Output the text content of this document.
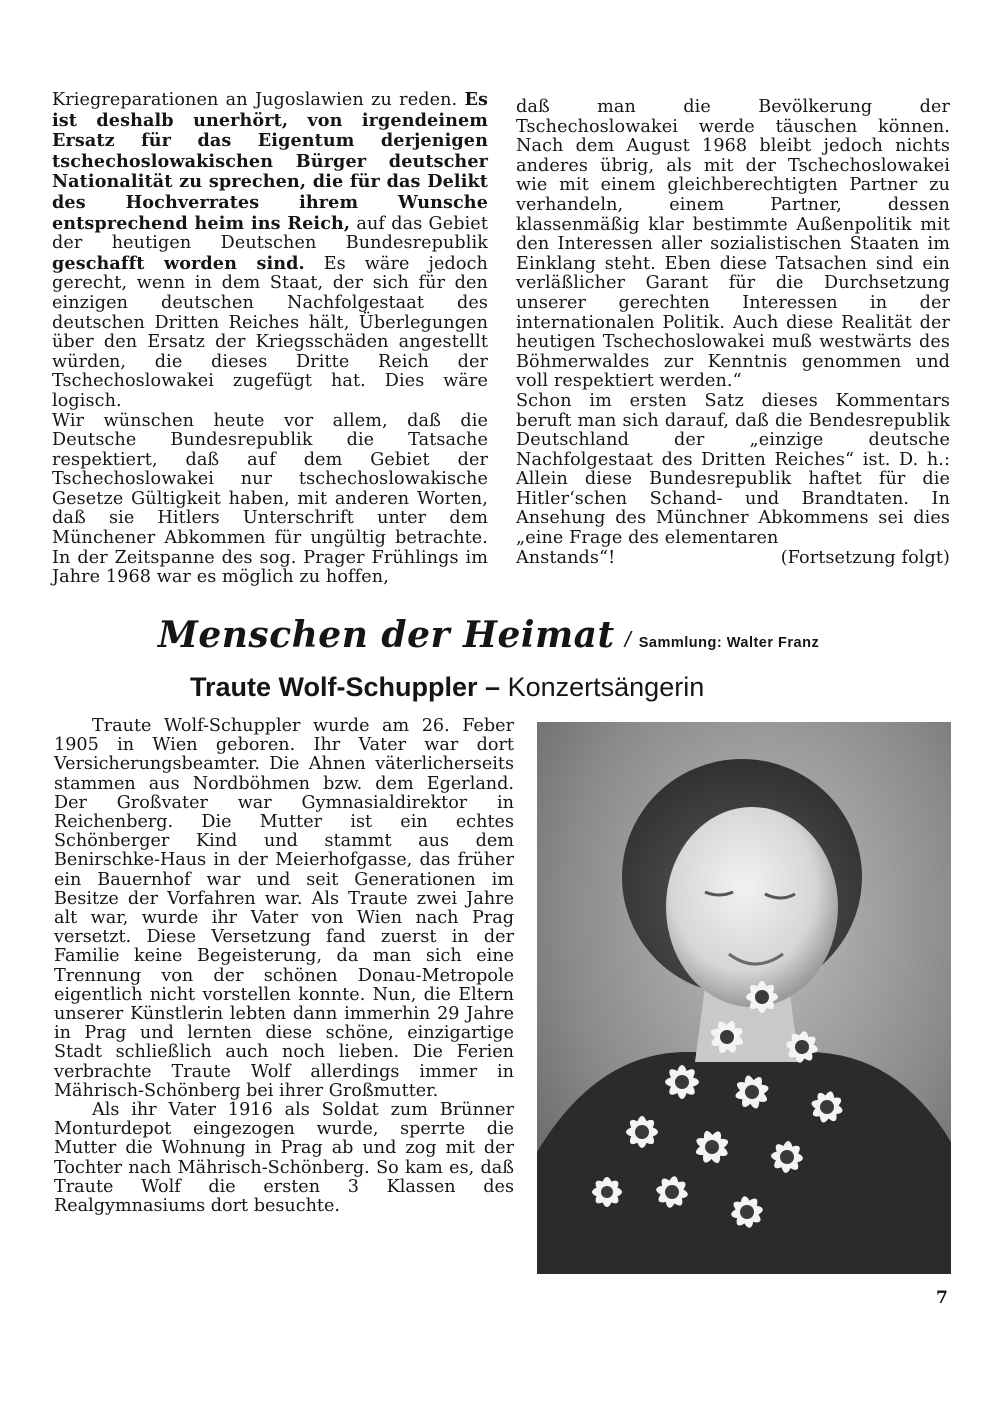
Kriegreparationen an Jugoslawien zu reden. Es ist deshalb unerhört, von irgendeinem Ersatz für das Eigentum derjenigen tschechoslowakischen Bürger deutscher Nationalität zu sprechen, die für das Delikt des Hochverrates ihrem Wunsche entsprechend heim ins Reich, auf das Gebiet der heutigen Deutschen Bundesrepublik geschafft worden sind. Es wäre jedoch gerecht, wenn in dem Staat, der sich für den einzigen deutschen Nachfolgestaat des deutschen Dritten Reiches hält, Überlegungen über den Ersatz der Kriegsschäden angestellt würden, die dieses Dritte Reich der Tschechoslowakei zugefügt hat. Dies wäre logisch.

Wir wünschen heute vor allem, daß die Deutsche Bundesrepublik die Tatsache respektiert, daß auf dem Gebiet der Tschechoslowakei nur tschechoslowakische Gesetze Gültigkeit haben, mit anderen Worten, daß sie Hitlers Unterschrift unter dem Münchener Abkommen für ungültig betrachte. In der Zeitspanne des sog. Prager Frühlings im Jahre 1968 war es möglich zu hoffen,

daß man die Bevölkerung der Tschechoslowakei werde täuschen können. Nach dem August 1968 bleibt jedoch nichts anderes übrig, als mit der Tschechoslowakei wie mit einem gleichberechtigten Partner zu verhandeln, einem Partner, dessen klassenmäßig klar bestimmte Außenpolitik mit den Interessen aller sozialistischen Staaten im Einklang steht. Eben diese Tatsachen sind ein verläßlicher Garant für die Durchsetzung unserer gerechten Interessen in der internationalen Politik. Auch diese Realität der heutigen Tschechoslowakei muß westwärts des Böhmerwaldes zur Kenntnis genommen und voll respektiert werden.“

Schon im ersten Satz dieses Kommentars beruft man sich darauf, daß die Bendesrepublik Deutschland der „einzige deutsche Nachfolgestaat des Dritten Reiches“ ist. D. h.: Allein diese Bundesrepublik haftet für die Hitler‘schen Schand- und Brandtaten. In Ansehung des Münchner Abkommens sei dies „eine Frage des elementaren

Anstands“!	(Fortsetzung folgt)
Menschen der Heimat / Sammlung: Walter Franz
Traute Wolf-Schuppler – Konzertsängerin

Traute Wolf-Schuppler wurde am 26. Feber 1905 in Wien geboren. Ihr Vater war dort Versicherungsbeamter. Die Ahnen väterlicherseits stammen aus Nordböhmen bzw. dem Egerland. Der Großvater war Gymnasialdirektor in Reichenberg. Die Mutter ist ein echtes Schönberger Kind und stammt aus dem Benirschke-Haus in der Meierhofgasse, das früher ein Bauernhof war und seit Generationen im Besitze der Vorfahren war. Als Traute zwei Jahre alt war, wurde ihr Vater von Wien nach Prag versetzt. Diese Versetzung fand zuerst in der Familie keine Begeisterung, da man sich eine Trennung von der schönen Donau-Metropole eigentlich nicht vorstellen konnte. Nun, die Eltern unserer Künstlerin lebten dann immerhin 29 Jahre in Prag und lernten diese schöne, einzigartige Stadt schließlich auch noch lieben. Die Ferien verbrachte Traute Wolf allerdings immer in Mährisch-Schönberg bei ihrer Großmutter.

Als ihr Vater 1916 als Soldat zum Brünner Monturdepot eingezogen wurde, sperrte die Mutter die Wohnung in Prag ab und zog mit der Tochter nach Mährisch-Schönberg. So kam es, daß Traute Wolf die ersten 3 Klassen des Realgymnasiums dort besuchte.

7
